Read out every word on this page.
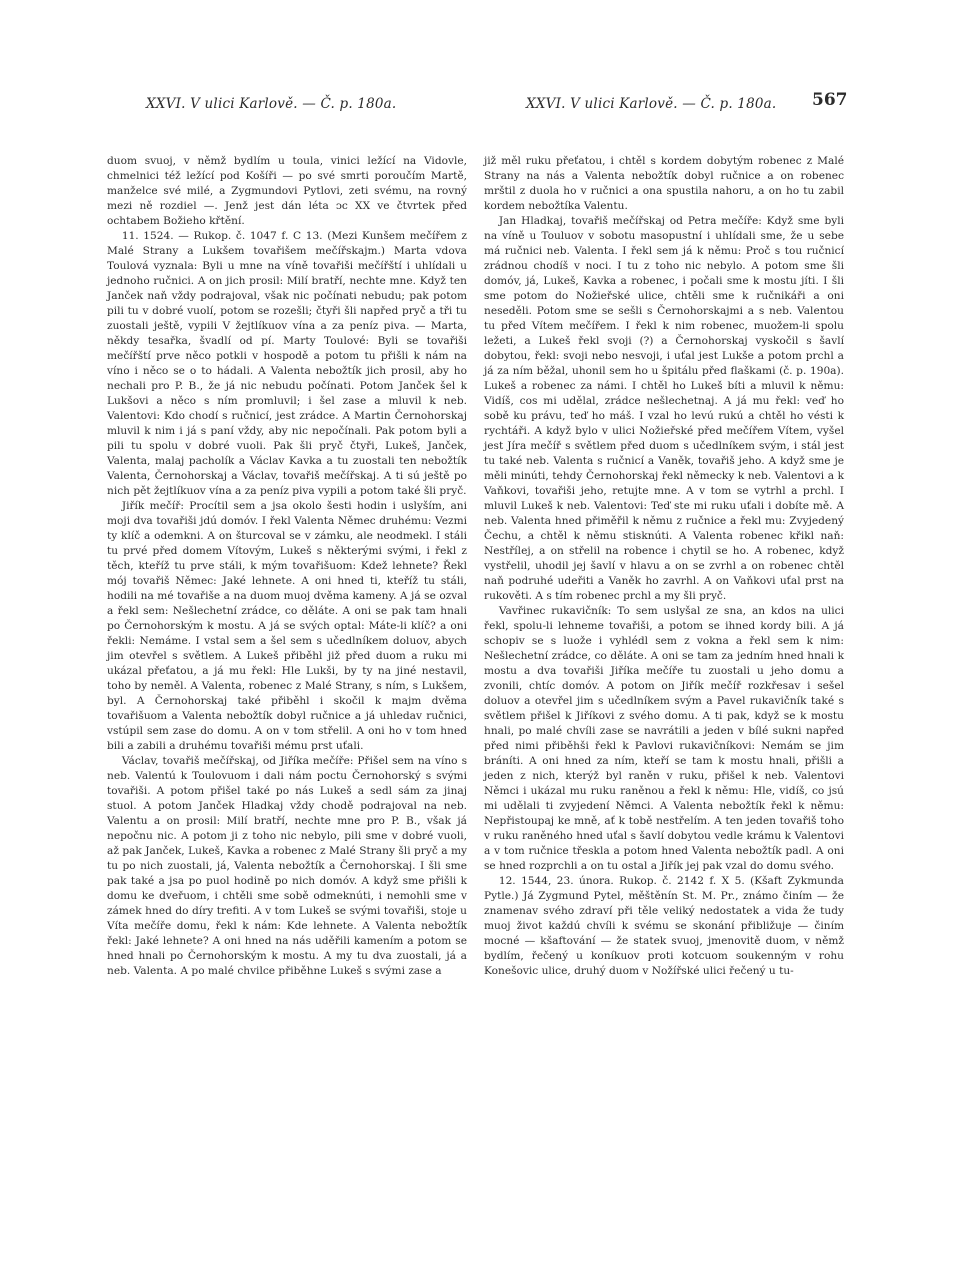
XXVI. V ulici Karlově. — Č. p. 180a.	XXVI. V ulici Karlově. — Č. p. 180a. 567

duom svuoj, v němž bydlím u toula, vinici ležící na Vidovle, chmelnici též ležící pod Košíři — po své smrti poroučím Martě, manželce své milé, a Zygmundovi Pytlovi, zeti svému, na rovný mezi ně rozdiel —. Jenž jest dán léta ᴐc XX ve čtvrtek před ochtabem Božieho křtění.

11. 1524. — Rukop. č. 1047 f. C 13. (Mezi Kunšem mečířem z Malé Strany a Lukšem tovařišem mečířskajm.) Marta vdova Toulová vyznala: Byli u mne na víně tovařiši mečířští i uhlídali u jednoho ručnici. A on jich prosil: Milí bratří, nechte mne. Když ten Janček naň vždy podrajoval, však nic počínati nebudu; pak potom pili tu v dobré vuolí, potom se rozešli; čtyři šli napřed pryč a tři tu zuostali ještě, vypili V žejtlíkuov vína a za peníz piva. — Marta, někdy tesařka, švadlí od pí. Marty Toulové: Byli se tovařiši mečířští prve něco potkli v hospodě a potom tu přišli k nám na víno i něco se o to hádali. A Valenta nebožtík jich prosil, aby ho nechali pro P. B., že já nic nebudu počínati. Potom Janček šel k Lukšovi a něco s ním promluvil; i šel zase a mluvil k neb. Valentovi: Kdo chodí s ručnicí, jest zrádce. A Martin Černohorskaj mluvil k nim i já s paní vždy, aby nic nepočínali. Pak potom byli a pili tu spolu v dobré vuoli. Pak šli pryč čtyři, Lukeš, Janček, Valenta, malaj pacholík a Václav Kavka a tu zuostali ten nebožtík Valenta, Černohorskaj a Václav, tovařiš mečířskaj. A ti sú ještě po nich pět žejtlíkuov vína a za peníz piva vypili a potom také šli pryč.

Jiřík mečíř: Procítil sem a jsa okolo šesti hodin i uslyším, ani moji dva tovařiši jdú domóv. I řekl Valenta Němec druhému: Vezmi ty klíč a odemkni. A on šturcoval se v zámku, ale neodmekl. I stáli tu prvé před domem Vítovým, Lukeš s některými svými, i řekl z těch, kteříž tu prve stáli, k mým tovařišuom: Kdež lehnete? Řekl mój tovařiš Němec: Jaké lehnete. A oni hned ti, kteříž tu stáli, hodili na mé tovařiše a na duom muoj dvěma kameny. A já se ozval a řekl sem: Nešlechetní zrádce, co děláte. A oni se pak tam hnali po Černohorským k mostu. A já se svých optal: Máte-li klíč? a oni řekli: Nemáme. I vstal sem a šel sem s učedlníkem doluov, abych jim otevřel s světlem. A Lukeš přiběhl již před duom a ruku mi ukázal přeťatou, a já mu řekl: Hle Lukši, by ty na jiné nestavil, toho by neměl. A Valenta, robenec z Malé Strany, s ním, s Lukšem, byl. A Černohorskaj také přiběhl i skočil k majm dvěma tovařišuom a Valenta nebožtík dobyl ručnice a já uhledav ručnici, vstúpil sem zase do domu. A on v tom střelil. A oni ho v tom hned bili a zabili a druhému tovařiši mému prst uťali.

Václav, tovařiš mečířskaj, od Jiříka mečíře: Přišel sem na víno s neb. Valentú k Toulovuom i dali nám poctu Černohorský s svými tovařiši. A potom přišel také po nás Lukeš a sedl sám za jinaj stuol. A potom Janček Hladkaj vždy chodě podrajoval na neb. Valentu a on prosil: Milí bratří, nechte mne pro P. B., však já nepočnu nic. A potom ji z toho nic nebylo, pili sme v dobré vuoli, až pak Janček, Lukeš, Kavka a robenec z Malé Strany šli pryč a my tu po nich zuostali, já, Valenta nebožtík a Černohorskaj. I šli sme pak také a jsa po puol hodině po nich domóv. A když sme přišli k domu ke dveřuom, i chtěli sme sobě odmeknúti, i nemohli sme v zámek hned do díry trefiti. A v tom Lukeš se svými tovařiši, stoje u Víta mečíře domu, řekl k nám: Kde lehnete. A Valenta nebožtík řekl: Jaké lehnete? A oni hned na nás uděřili kamením a potom se hned hnali po Černohorským k mostu. A my tu dva zuostali, já a neb. Valenta. A po malé chvilce přiběhne Lukeš s svými zase a

již měl ruku přeťatou, i chtěl s kordem dobytým robenec z Malé Strany na nás a Valenta nebožtík dobyl ručnice a on robenec mrštil z duola ho v ručnici a ona spustila nahoru, a on ho tu zabil kordem nebožtíka Valentu.

Jan Hladkaj, tovařiš mečířskaj od Petra mečíře: Když sme byli na víně u Touluov v sobotu masopustní i uhlídali sme, že u sebe má ručnici neb. Valenta. I řekl sem já k němu: Proč s tou ručnicí zrádnou chodíš v noci. I tu z toho nic nebylo. A potom sme šli domóv, já, Lukeš, Kavka a robenec, i počali sme k mostu jíti. I šli sme potom do Nožieřské ulice, chtěli sme k ručnikáři a oni neseděli. Potom sme se sešli s Černohorskajmi a s neb. Valentou tu před Vítem mečířem. I řekl k nim robenec, muožem-li spolu ležeti, a Lukeš řekl svoji (?) a Černohorskaj vyskočil s šavlí dobytou, řekl: svoji nebo nesvoji, i uťal jest Lukše a potom prchl a já za ním běžal, uhonil sem ho u špitálu před flaškami (č. p. 190a). Lukeš a robenec za námi. I chtěl ho Lukeš bíti a mluvil k němu: Vidíš, cos mi udělal, zrádce nešlechetnaj. A já mu řekl: veď ho sobě ku právu, teď ho máš. I vzal ho levú rukú a chtěl ho vésti k rychtáři. A když bylo v ulici Nožieřské před mečířem Vítem, vyšel jest Jíra mečíř s světlem před duom s učedlníkem svým, i stál jest tu také neb. Valenta s ručnicí a Vaněk, tovařiš jeho. A když sme je měli minúti, tehdy Černohorskaj řekl německy k neb. Valentovi a k Vaňkovi, tovařiši jeho, retujte mne. A v tom se vytrhl a prchl. I mluvil Lukeš k neb. Valentovi: Teď ste mi ruku uťali i dobíte mě. A neb. Valenta hned přiměřil k němu z ručnice a řekl mu: Zvyjedený Čechu, a chtěl k němu stisknúti. A Valenta robenec křikl naň: Nestřílej, a on střelil na robence i chytil se ho. A robenec, když vystřelil, uhodil jej šavlí v hlavu a on se zvrhl a on robenec chtěl naň podruhé udeřiti a Vaněk ho zavrhl. A on Vaňkovi uťal prst na rukověti. A s tím robenec prchl a my šli pryč.

Vavřinec rukavičník: To sem uslyšal ze sna, an kdos na ulici řekl, spolu-li lehneme tovařiši, a potom se ihned kordy bili. A já schopiv se s luože i vyhlédl sem z vokna a řekl sem k nim: Nešlechetní zrádce, co děláte. A oni se tam za jedním hned hnali k mostu a dva tovařiši Jiříka mečíře tu zuostali u jeho domu a zvonili, chtíc domóv. A potom on Jiřík mečíř rozkřesav i sešel doluov a otevřel jim s učedlníkem svým a Pavel rukavičník také s světlem přišel k Jiříkovi z svého domu. A ti pak, když se k mostu hnali, po malé chvíli zase se navrátili a jeden v bílé sukni napřed před nimi přiběhši řekl k Pavlovi rukavičníkovi: Nemám se jim bráníti. A oni hned za ním, kteří se tam k mostu hnali, přišli a jeden z nich, kterýž byl raněn v ruku, přišel k neb. Valentovi Němci i ukázal mu ruku raněnou a řekl k němu: Hle, vidíš, co jsú mi udělali ti zvyjedení Němci. A Valenta nebožtík řekl k němu: Nepřistoupaj ke mně, ať k tobě nestřelím. A ten jeden tovařiš toho v ruku raněného hned uťal s šavlí dobytou vedle krámu k Valentovi a v tom ručnice třeskla a potom hned Valenta nebožtík padl. A oni se hned rozprchli a on tu ostal a Jiřík jej pak vzal do domu svého.

12. 1544, 23. února. Rukop. č. 2142 f. X 5. (Kšaft Zykmunda Pytle.) Já Zygmund Pytel, měštěnín St. M. Pr., známo činím — že znamenav svého zdraví při těle veliký nedostatek a vida že tudy muoj život každú chvíli k svému se skonání přibližuje — činím mocné — kšaftování — že statek svuoj, jmenovitě duom, v němž bydlím, řečený u koníkuov proti kotcuom soukenným v rohu Konešovic ulice, druhý duom v Nožířské ulici řečený u tu-
